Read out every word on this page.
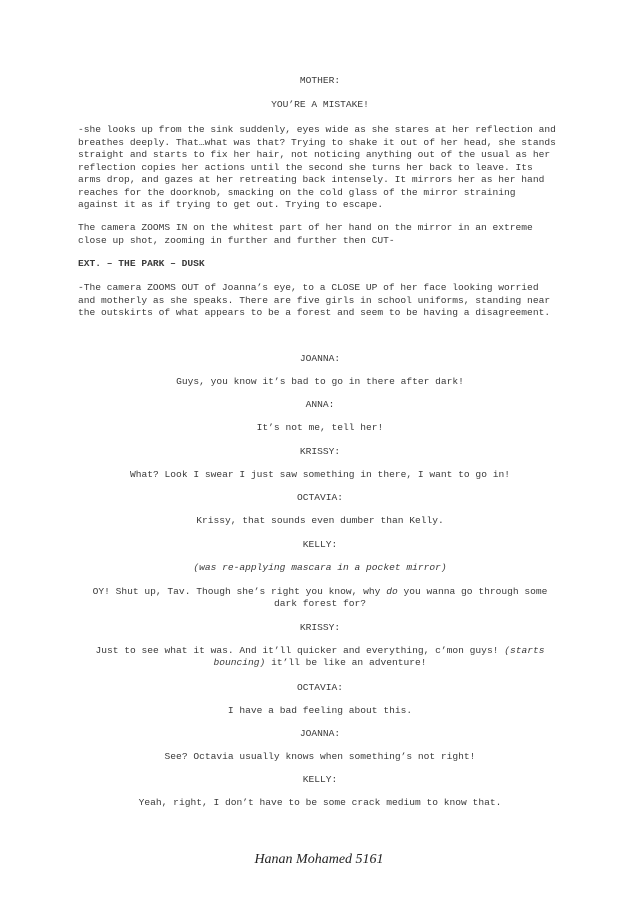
MOTHER:
YOU’RE A MISTAKE!
-she looks up from the sink suddenly, eyes wide as she stares at her reflection and
breathes deeply. That…what was that? Trying to shake it out of her head, she stands
straight and starts to fix her hair, not noticing anything out of the usual as her
reflection copies her actions until the second she turns her back to leave. Its
arms drop, and gazes at her retreating back intensely. It mirrors her as her hand
reaches for the doorknob, smacking on the cold glass of the mirror straining
against it as if trying to get out. Trying to escape.
The camera ZOOMS IN on the whitest part of her hand on the mirror in an extreme
close up shot, zooming in further and further then CUT-
EXT. – THE PARK – DUSK
-The camera ZOOMS OUT of Joanna’s eye, to a CLOSE UP of her face looking worried
and motherly as she speaks. There are five girls in school uniforms, standing near
the outskirts of what appears to be a forest and seem to be having a disagreement.
JOANNA:
Guys, you know it’s bad to go in there after dark!
ANNA:
It’s not me, tell her!
KRISSY:
What? Look I swear I just saw something in there, I want to go in!
OCTAVIA:
Krissy, that sounds even dumber than Kelly.
KELLY:
(was re-applying mascara in a pocket mirror)
OY! Shut up, Tav. Though she’s right you know, why do you wanna go through some
dark forest for?
KRISSY:
Just to see what it was. And it’ll quicker and everything, c’mon guys! (starts
bouncing) it’ll be like an adventure!
OCTAVIA:
I have a bad feeling about this.
JOANNA:
See? Octavia usually knows when something’s not right!
KELLY:
Yeah, right, I don’t have to be some crack medium to know that.
Hanan Mohamed 5161
